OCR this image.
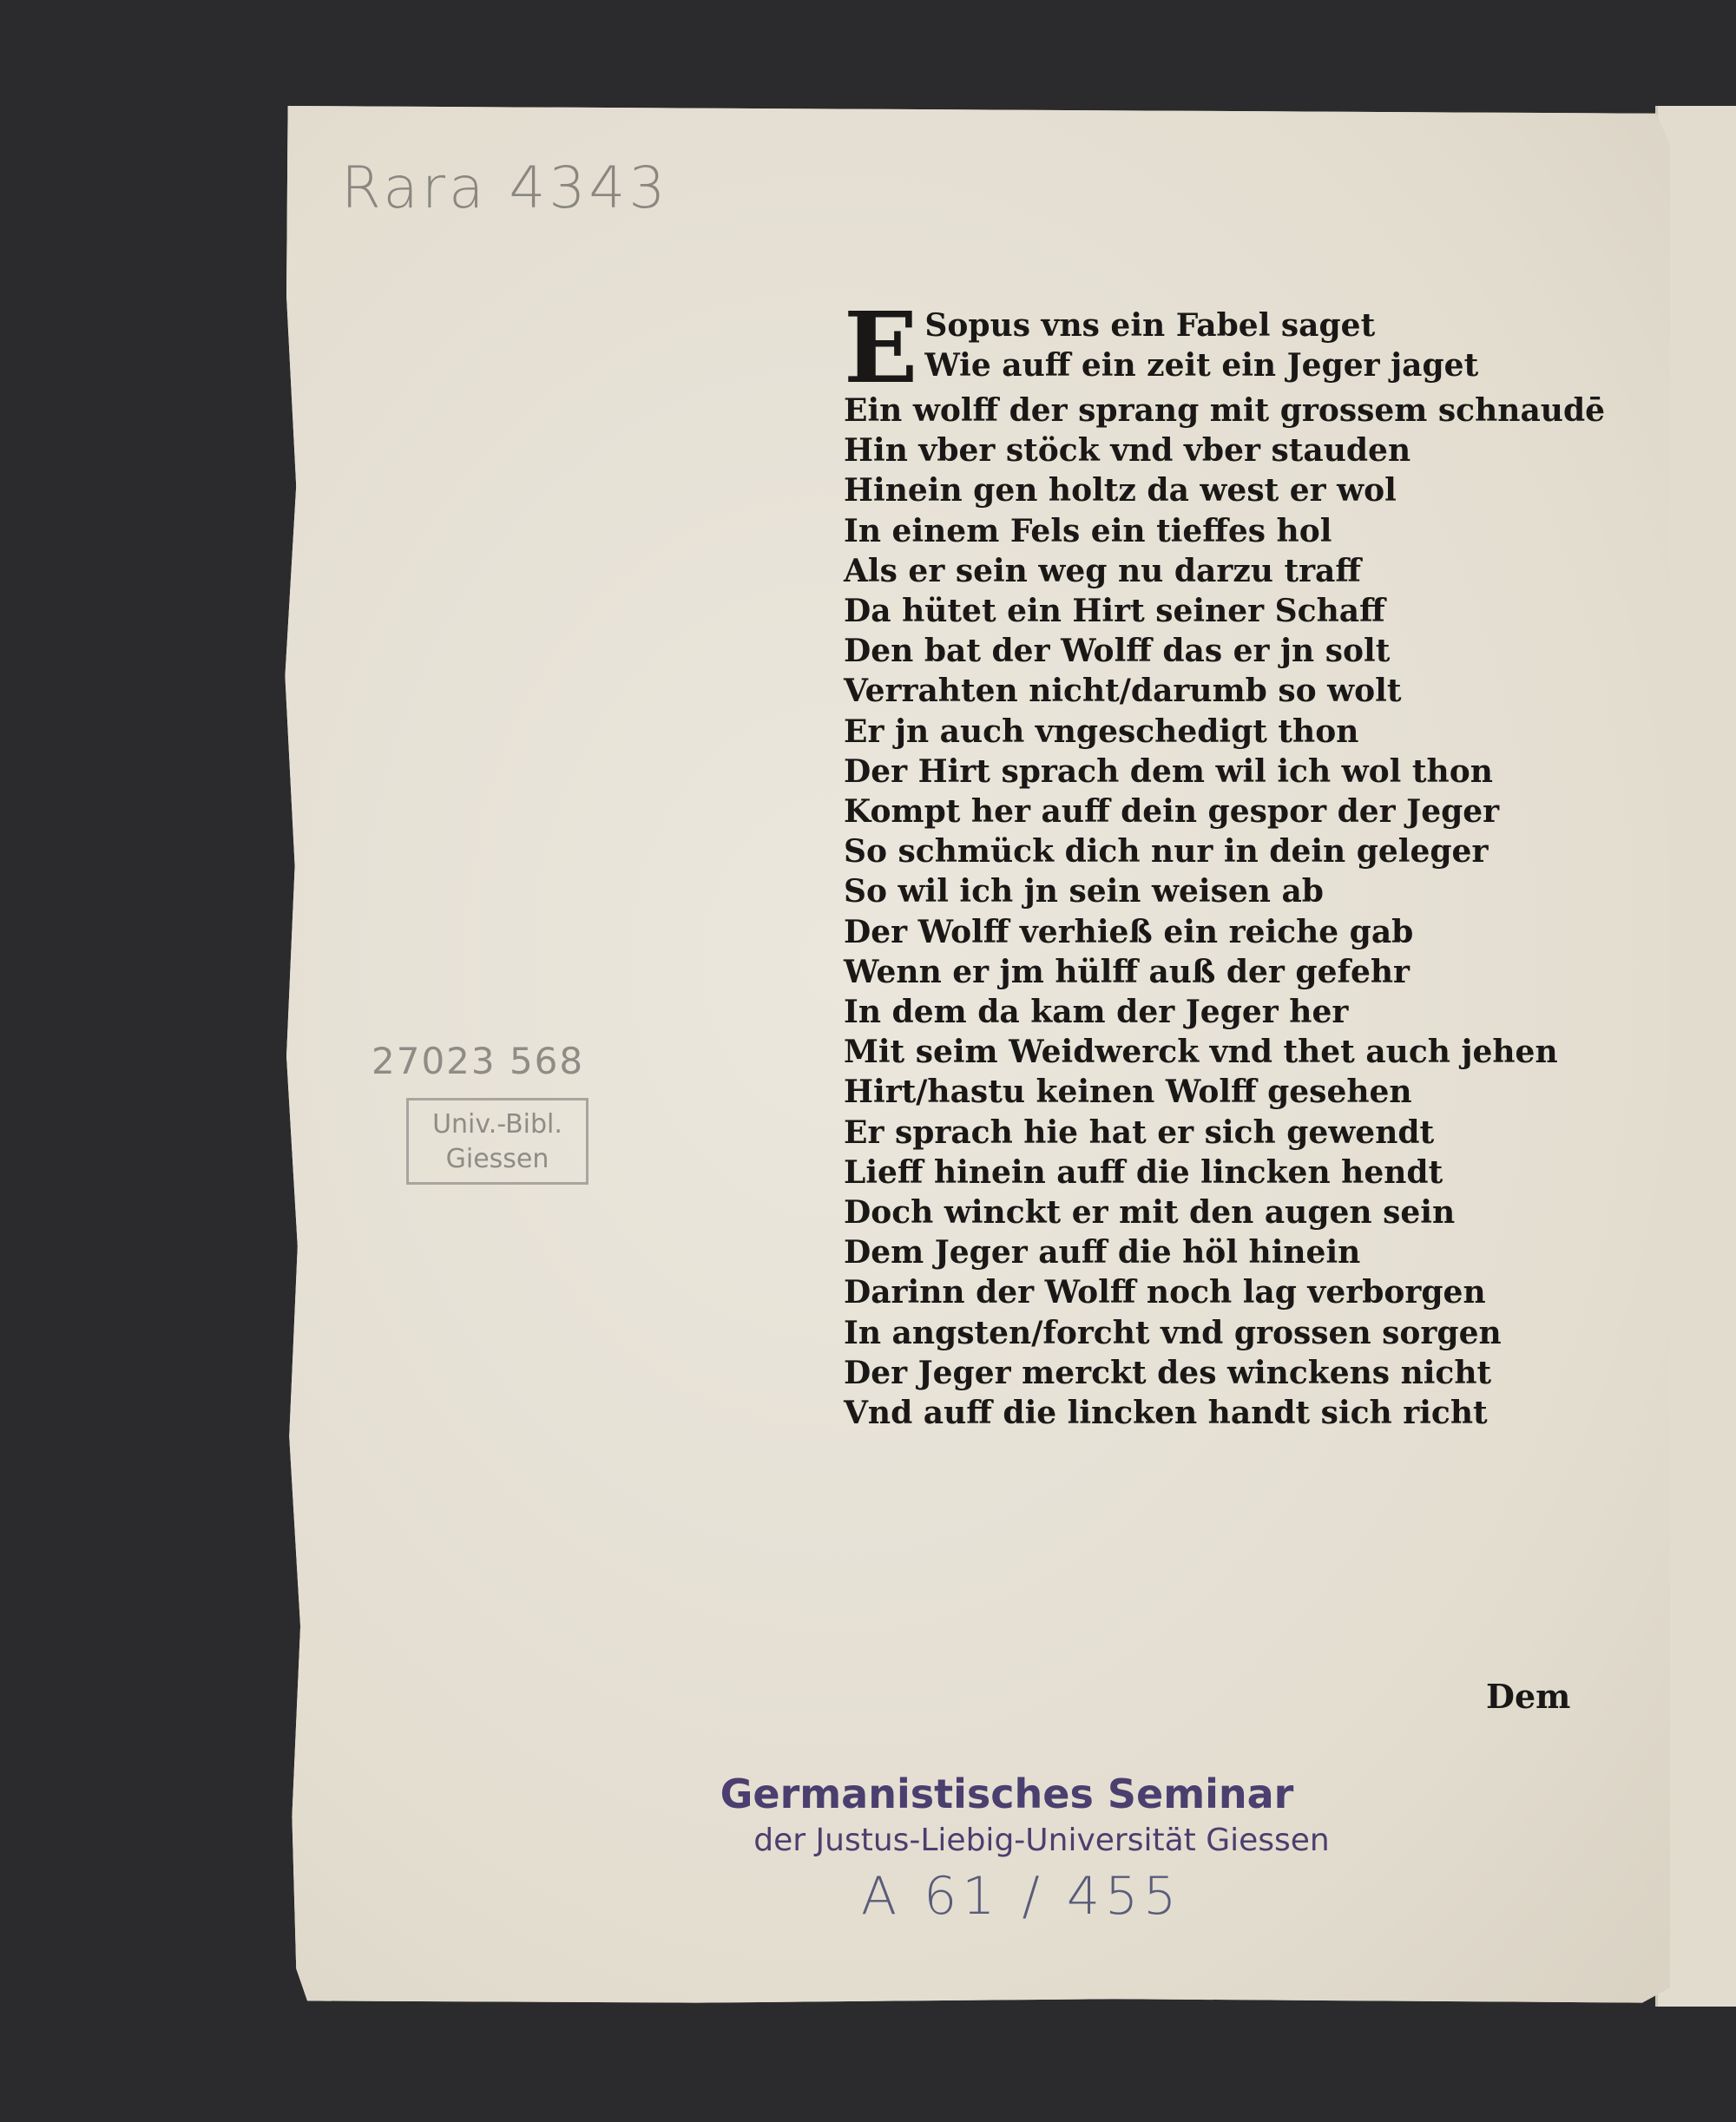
Rara 4343
27023 568
Univ.-Bibl.
Giessen
E Sopus vns ein Fabel saget
Wie auff ein zeit ein Jeger jaget
Ein wolff der sprang mit grossem schnaudē
Hin vber stöck vnd vber stauden
Hinein gen holtz da west er wol
In einem Fels ein tieffes hol
Als er sein weg nu darzu traff
Da hütet ein Hirt seiner Schaff
Den bat der Wolff das er jn solt
Verrahten nicht/darumb so wolt
Er jn auch vngeschedigt thon
Der Hirt sprach dem wil ich wol thon
Kompt her auff dein gespor der Jeger
So schmück dich nur in dein geleger
So wil ich jn sein weisen ab
Der Wolff verhieß ein reiche gab
Wenn er jm hülff auß der gefehr
In dem da kam der Jeger her
Mit seim Weidwerck vnd thet auch jehen
Hirt/hastu keinen Wolff gesehen
Er sprach hie hat er sich gewendt
Lieff hinein auff die lincken hendt
Doch winckt er mit den augen sein
Dem Jeger auff die höl hinein
Darinn der Wolff noch lag verborgen
In angsten/forcht vnd grossen sorgen
Der Jeger merckt des winckens nicht
Vnd auff die lincken handt sich richt
Dem
Germanistisches Seminar
der Justus-Liebig-Universität Giessen
A 61 / 455
